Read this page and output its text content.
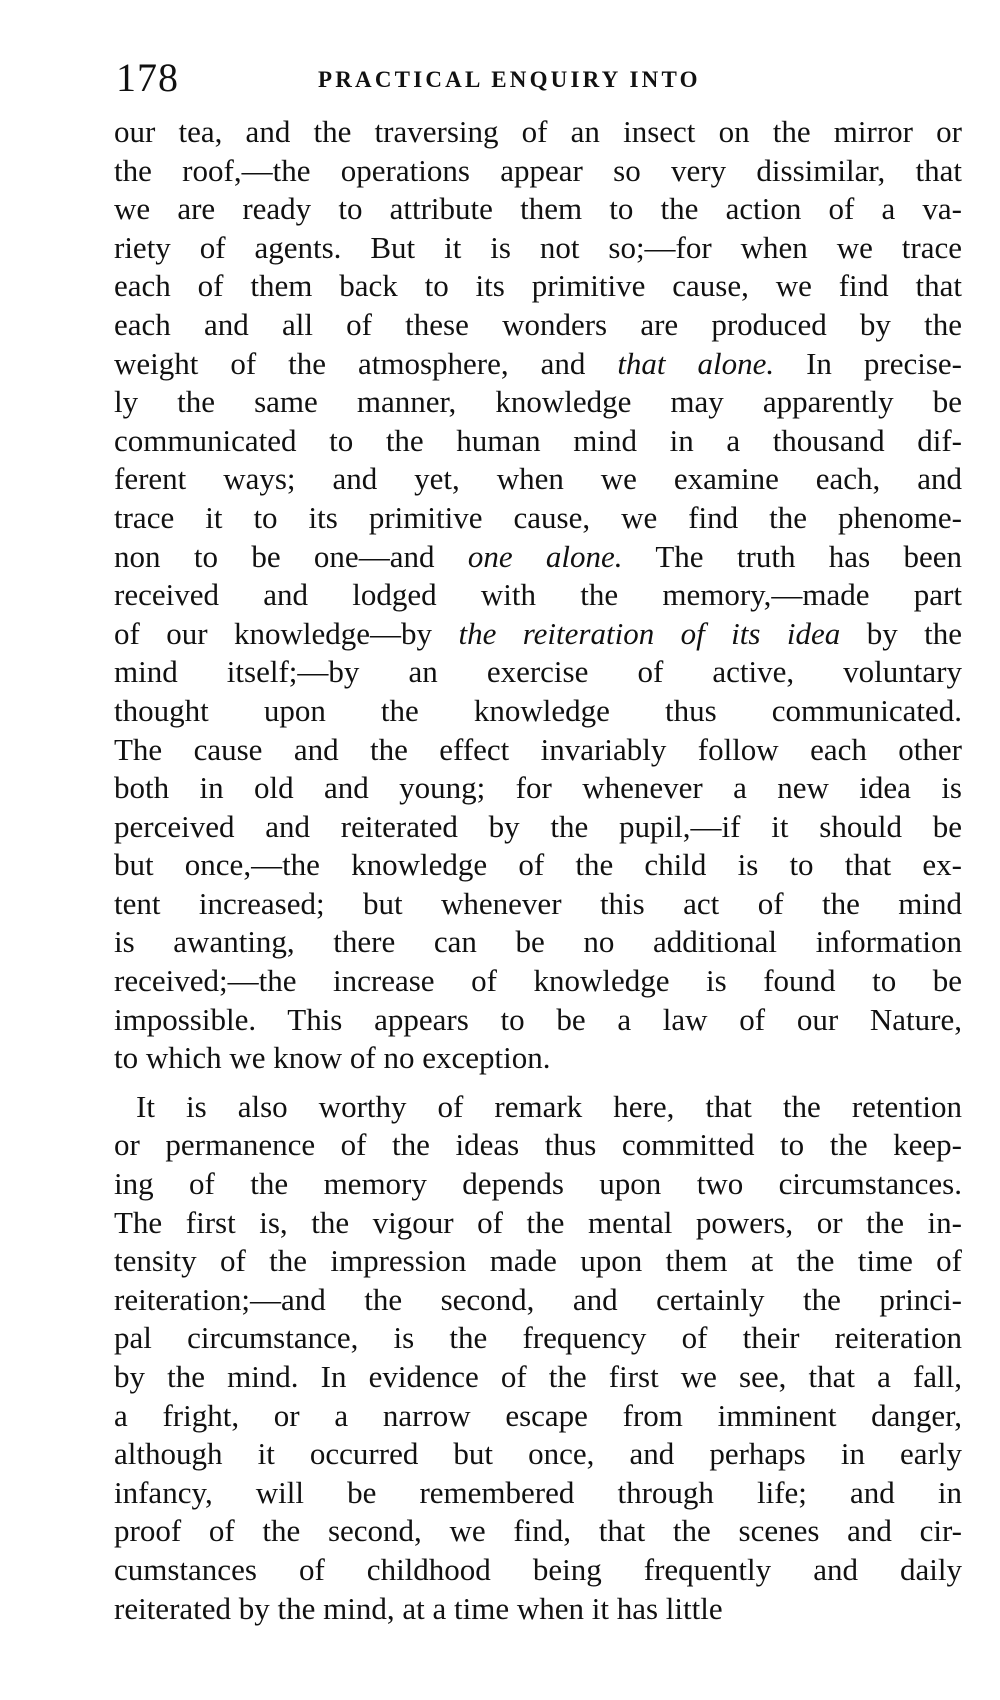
178	PRACTICAL ENQUIRY INTO
our tea, and the traversing of an insect on the mirror or
the roof,—the operations appear so very dissimilar, that
we are ready to attribute them to the action of a va-
riety of agents. But it is not so;—for when we trace
each of them back to its primitive cause, we find that
each and all of these wonders are produced by the
weight of the atmosphere, and that alone. In precise-
ly the same manner, knowledge may apparently be
communicated to the human mind in a thousand dif-
ferent ways; and yet, when we examine each, and
trace it to its primitive cause, we find the phenome-
non to be one—and one alone. The truth has been
received and lodged with the memory,—made part
of our knowledge—by the reiteration of its idea by the
mind itself;—by an exercise of active, voluntary
thought upon the knowledge thus communicated.
The cause and the effect invariably follow each other
both in old and young; for whenever a new idea is
perceived and reiterated by the pupil,—if it should be
but once,—the knowledge of the child is to that ex-
tent increased; but whenever this act of the mind
is awanting, there can be no additional information
received;—the increase of knowledge is found to be
impossible. This appears to be a law of our Nature,
to which we know of no exception.
It is also worthy of remark here, that the retention
or permanence of the ideas thus committed to the keep-
ing of the memory depends upon two circumstances.
The first is, the vigour of the mental powers, or the in-
tensity of the impression made upon them at the time of
reiteration;—and the second, and certainly the princi-
pal circumstance, is the frequency of their reiteration
by the mind. In evidence of the first we see, that a fall,
a fright, or a narrow escape from imminent danger,
although it occurred but once, and perhaps in early
infancy, will be remembered through life; and in
proof of the second, we find, that the scenes and cir-
cumstances of childhood being frequently and daily
reiterated by the mind, at a time when it has little
